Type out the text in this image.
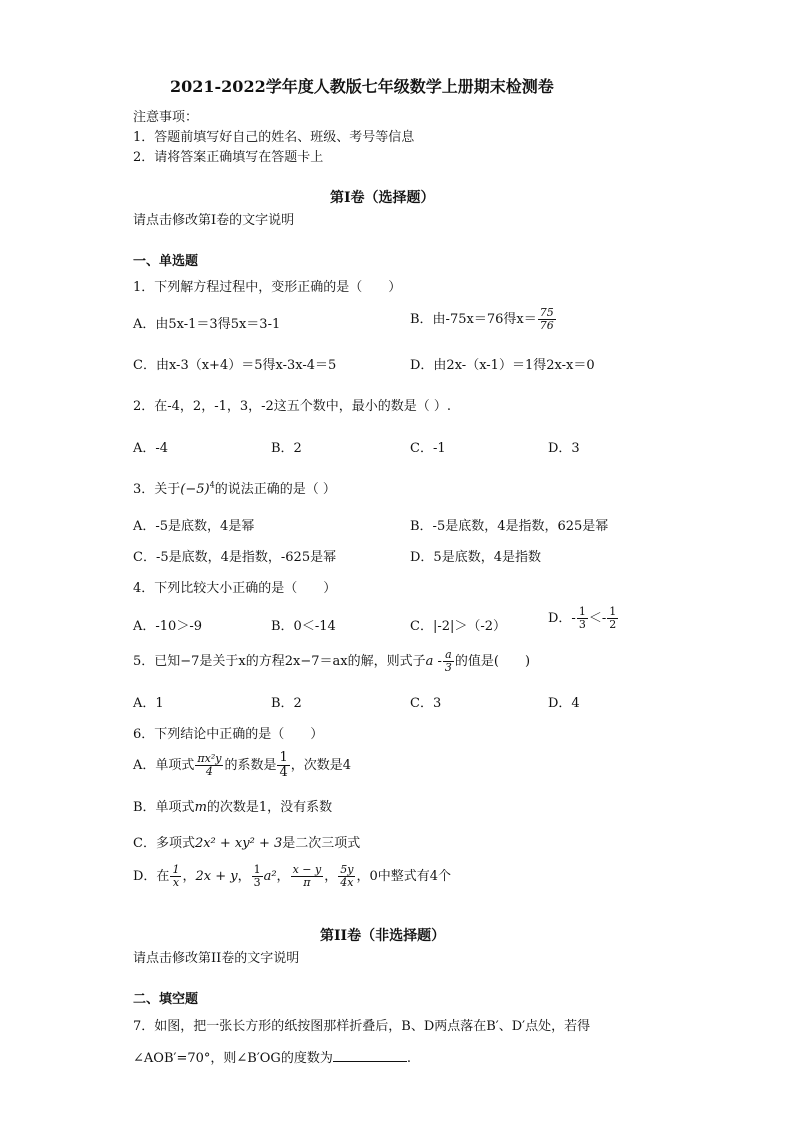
2021-2022学年度人教版七年级数学上册期末检测卷
注意事项：
1．答题前填写好自己的姓名、班级、考号等信息
2．请将答案正确填写在答题卡上
第I卷（选择题）
请点击修改第I卷的文字说明
一、单选题
1．下列解方程过程中，变形正确的是（　　）
A．由5x-1＝3得5x＝3-1	B．由-75x＝76得$x= \frac{75}{76}$
C．由x-3（x+4）＝5得x-3x-4＝5	D．由2x-（x-1）＝1得2x-x＝0
2．在-4，2，-1，3，-2这五个数中，最小的数是（ ）.
A．-4	B．2	C．-1	D．3
3．关于$(-5)^4$的说法正确的是（ ）
A．-5是底数，4是幂	B．-5是底数，4是指数，625是幂
C．-5是底数，4是指数，-625是幂	D．5是底数，4是指数
4．下列比较大小正确的是（　　）
A．-10＞-9	B．0＜-14	C．|-2|＞（-2）
D．- $\frac{1}{3} <- \frac{1}{2}$
5．已知−7是关于x的方程2x−7＝ax的解，则式子a - $\frac{a}{3}$ 的值是(　　)
A．1	B．2	C．3	D．4
6．下列结论中正确的是（　　）
A．单项式 $\frac{\text{πx²y}}{4}$ 的系数是 $\frac{1}{4}$ ，次数是4
B．单项式m的次数是1，没有系数
C．多项式2x² + xy² + 3是二次三项式
D．在 $\frac{1}{x}$ ，2x + y， $\frac{1}{3} a^2$， $\frac{x - y}{\pi}$ ， $\frac{5y}{4x}$ ，0中整式有4个
第II卷（非选择题）
请点击修改第II卷的文字说明
二、填空题
7．如图，把一张长方形的纸按图那样折叠后，B、D两点落在B′、D′点处，若得
∠AOB′=70°，则∠B′OG的度数为	.
